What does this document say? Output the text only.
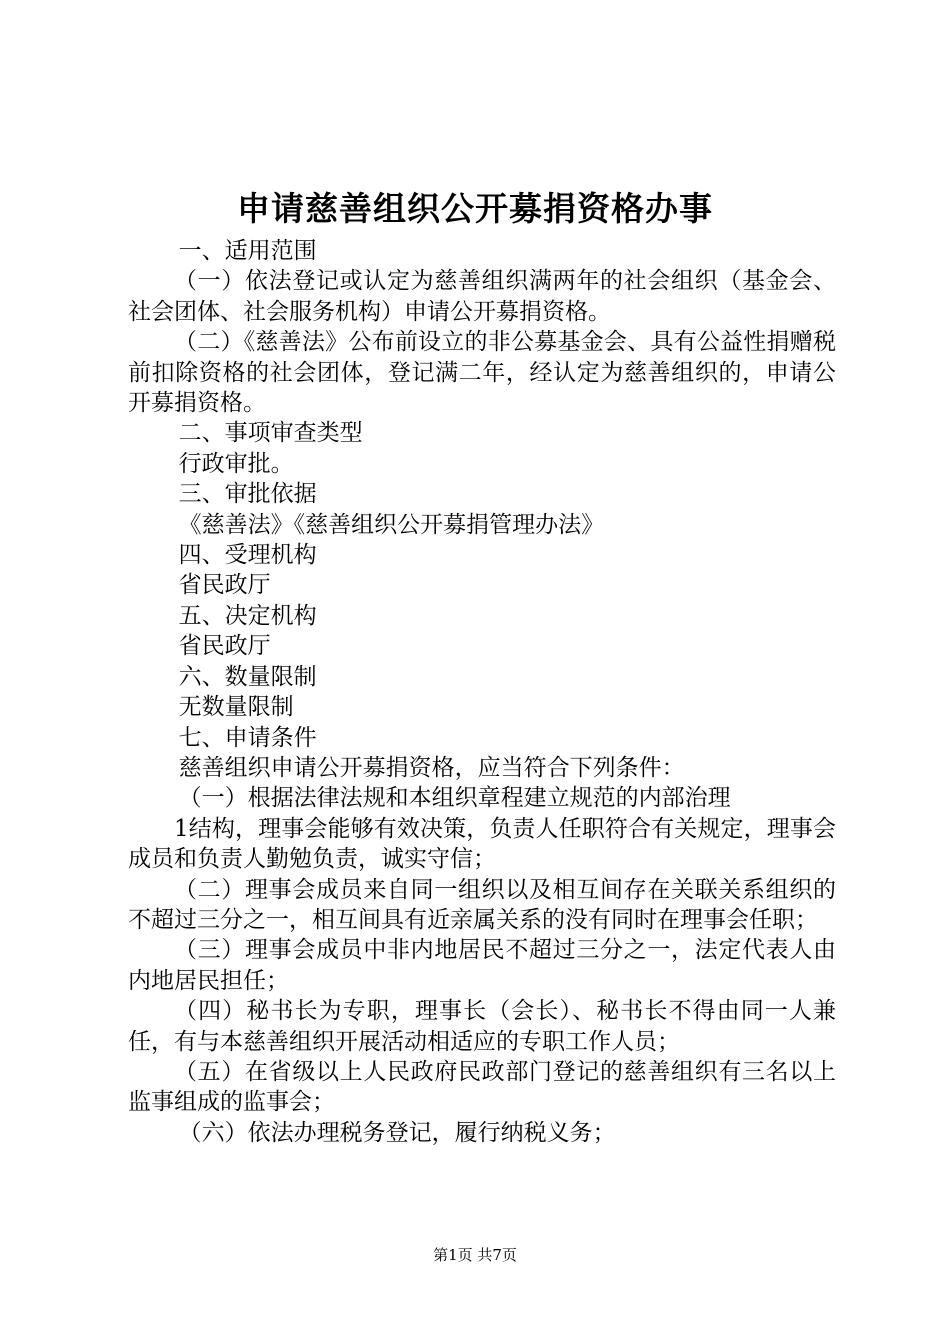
申请慈善组织公开募捐资格办事

一、适用范围

（一）依法登记或认定为慈善组织满两年的社会组织（基金会、社会团体、社会服务机构）申请公开募捐资格。

（二）《慈善法》公布前设立的非公募基金会、具有公益性捐赠税前扣除资格的社会团体，登记满二年，经认定为慈善组织的，申请公开募捐资格。

二、事项审查类型

行政审批。

三、审批依据

《慈善法》《慈善组织公开募捐管理办法》

四、受理机构

省民政厅

五、决定机构

省民政厅

六、数量限制

无数量限制

七、申请条件

慈善组织申请公开募捐资格，应当符合下列条件：

（一）根据法律法规和本组织章程建立规范的内部治理

1结构，理事会能够有效决策，负责人任职符合有关规定，理事会成员和负责人勤勉负责，诚实守信；

（二）理事会成员来自同一组织以及相互间存在关联关系组织的不超过三分之一，相互间具有近亲属关系的没有同时在理事会任职；

（三）理事会成员中非内地居民不超过三分之一，法定代表人由内地居民担任；

（四）秘书长为专职，理事长（会长）、秘书长不得由同一人兼任，有与本慈善组织开展活动相适应的专职工作人员；

（五）在省级以上人民政府民政部门登记的慈善组织有三名以上监事组成的监事会；

（六）依法办理税务登记，履行纳税义务；

第1页 共7页
